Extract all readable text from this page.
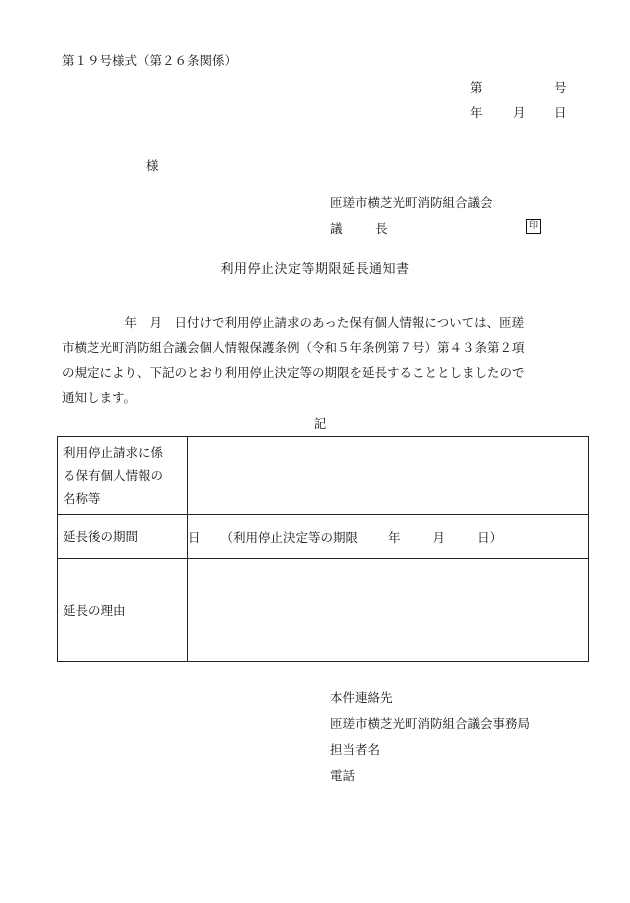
第１９号様式（第２６条関係）
第	号
年 月 日
様
匝瑳市横芝光町消防組合議会
議　長	印
利用停止決定等期限延長通知書

　　　　　年　月　日付けで利用停止請求のあった保有個人情報については、匝瑳

市横芝光町消防組合議会個人情報保護条例（令和５年条例第７号）第４３条第２項

の規定により、下記のとおり利用停止決定等の期限を延長することとしましたので

通知します。

記
利用停止請求に係
る保有個人情報の
名称等	

延長後の期間	日 （利用停止決定等の期限 年 月 日）
延長の理由	
本件連絡先
匝瑳市横芝光町消防組合議会事務局
担当者名
電話
